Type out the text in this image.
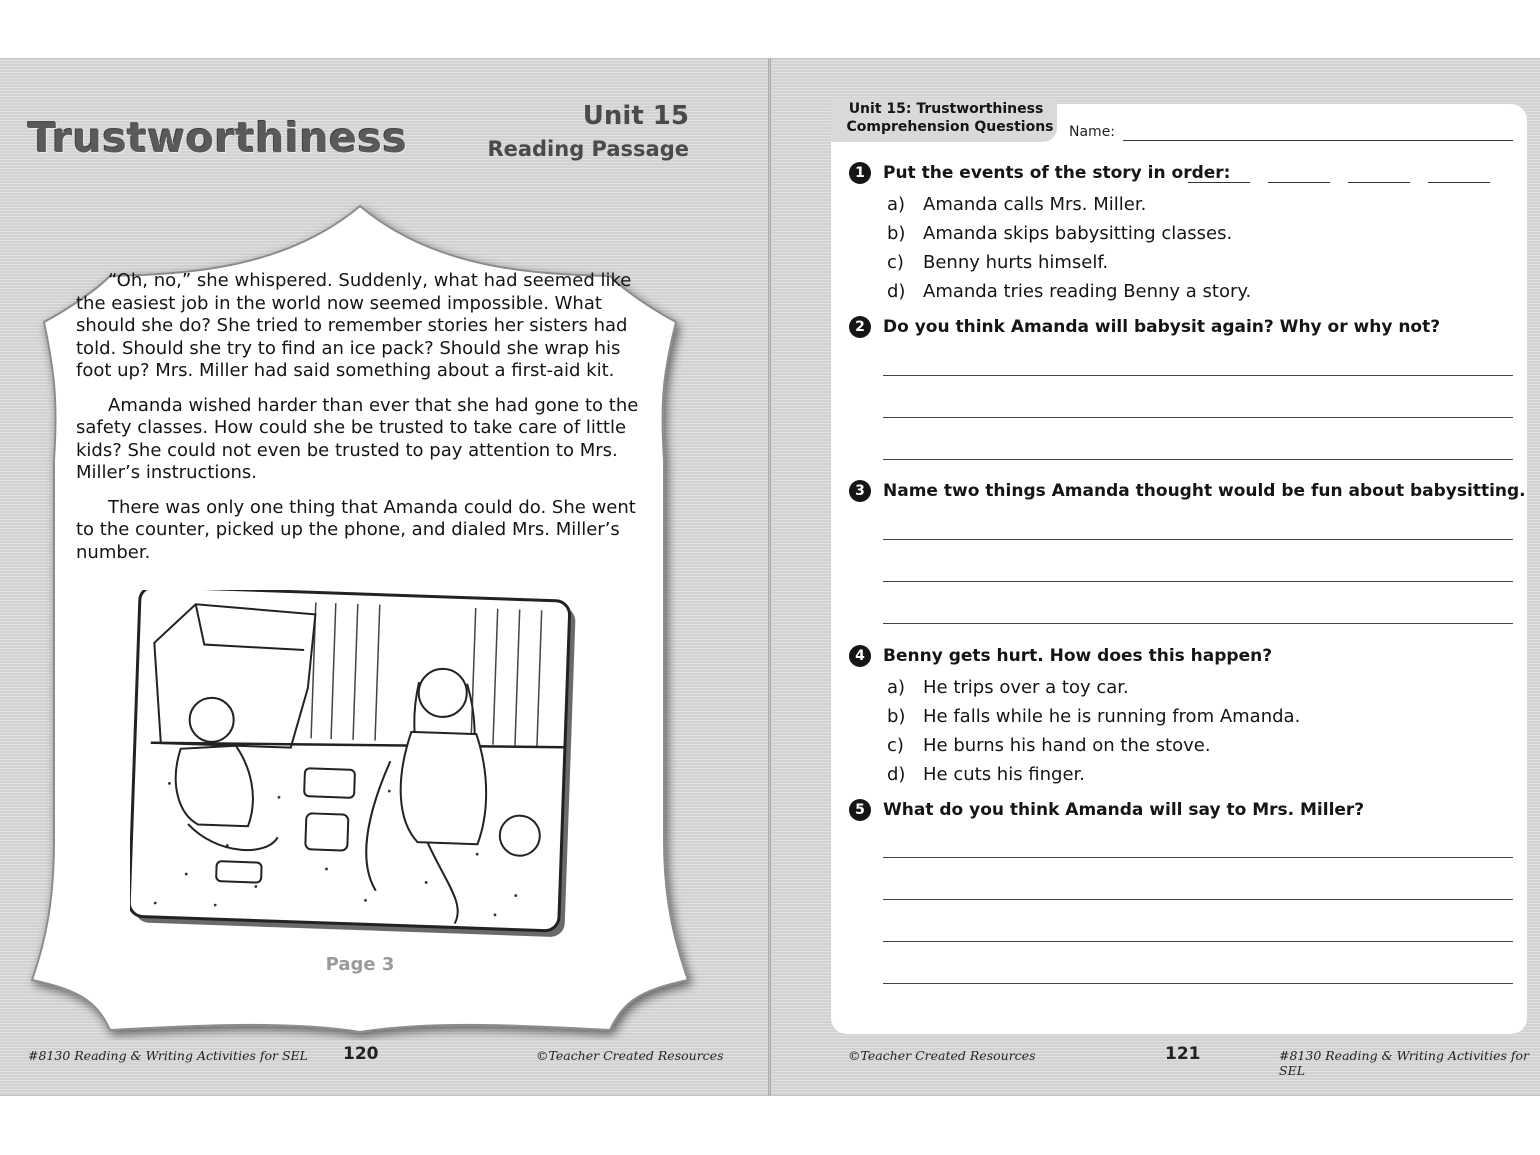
Trustworthiness	Unit 15
Reading Passage

“Oh, no,” she whispered. Suddenly, what had seemed like the easiest job in the world now seemed impossible. What should she do? She tried to remember stories her sisters had told. Should she try to find an ice pack? Should she wrap his foot up? Mrs. Miller had said something about a first-aid kit.

Amanda wished harder than ever that she had gone to the safety classes. How could she be trusted to take care of little kids? She could not even be trusted to pay attention to Mrs. Miller’s instructions.

There was only one thing that Amanda could do. She went to the counter, picked up the phone, and dialed Mrs. Miller’s number.

Page 3
#8130 Reading & Writing Activities for SEL 120	©Teacher Created Resources
Unit 15: Trustworthiness
Comprehension Questions Name:
1 Put the events of the story in order:
a) Amanda calls Mrs. Miller.
b) Amanda skips babysitting classes.
c) Benny hurts himself.
d) Amanda tries reading Benny a story.
2 Do you think Amanda will babysit again? Why or why not?
3 Name two things Amanda thought would be fun about babysitting.
4 Benny gets hurt. How does this happen?
a) He trips over a toy car.
b) He falls while he is running from Amanda.
c) He burns his hand on the stove.
d) He cuts his finger.
5 What do you think Amanda will say to Mrs. Miller?
©Teacher Created Resources	121	#8130 Reading & Writing Activities for SEL
